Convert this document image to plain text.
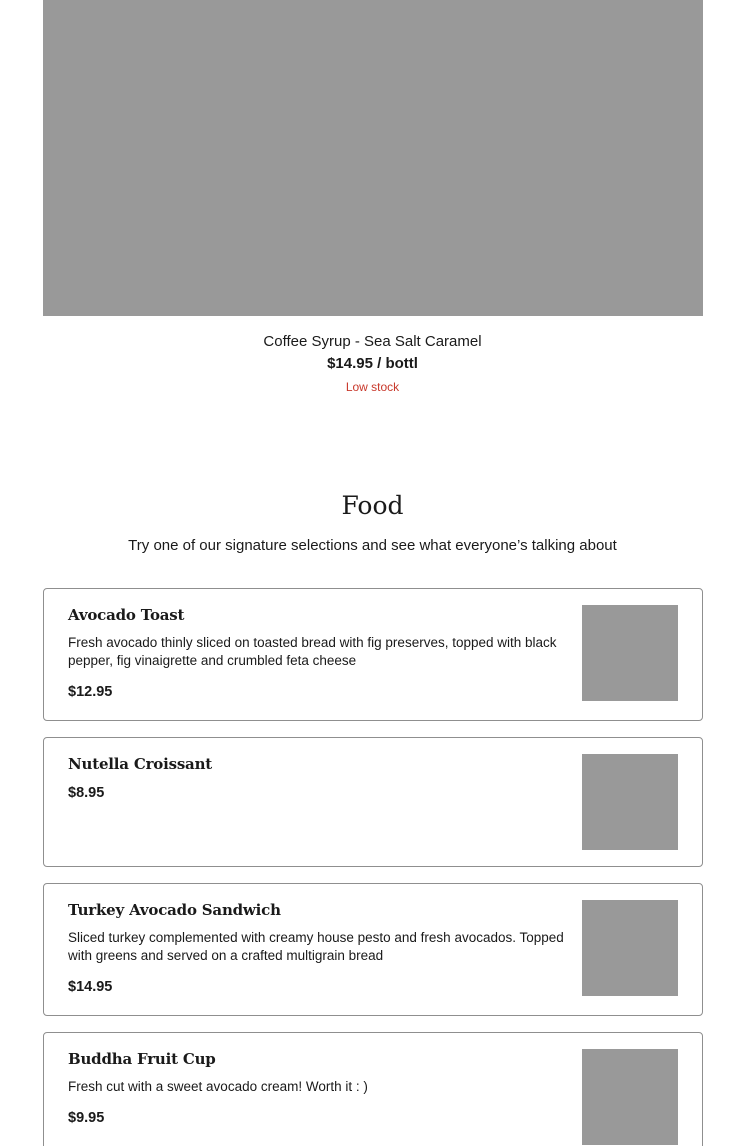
Coffee Syrup - Sea Salt Caramel
$14.95 / bottl
Low stock
Food
Try one of our signature selections and see what everyone’s talking about
Avocado Toast
Fresh avocado thinly sliced on toasted bread with fig preserves, topped with black pepper, fig vinaigrette and crumbled feta cheese
$12.95
Nutella Croissant
$8.95
Turkey Avocado Sandwich
Sliced turkey complemented with creamy house pesto and fresh avocados. Topped with greens and served on a crafted multigrain bread
$14.95
Buddha Fruit Cup
Fresh cut with a sweet avocado cream! Worth it : )
$9.95
